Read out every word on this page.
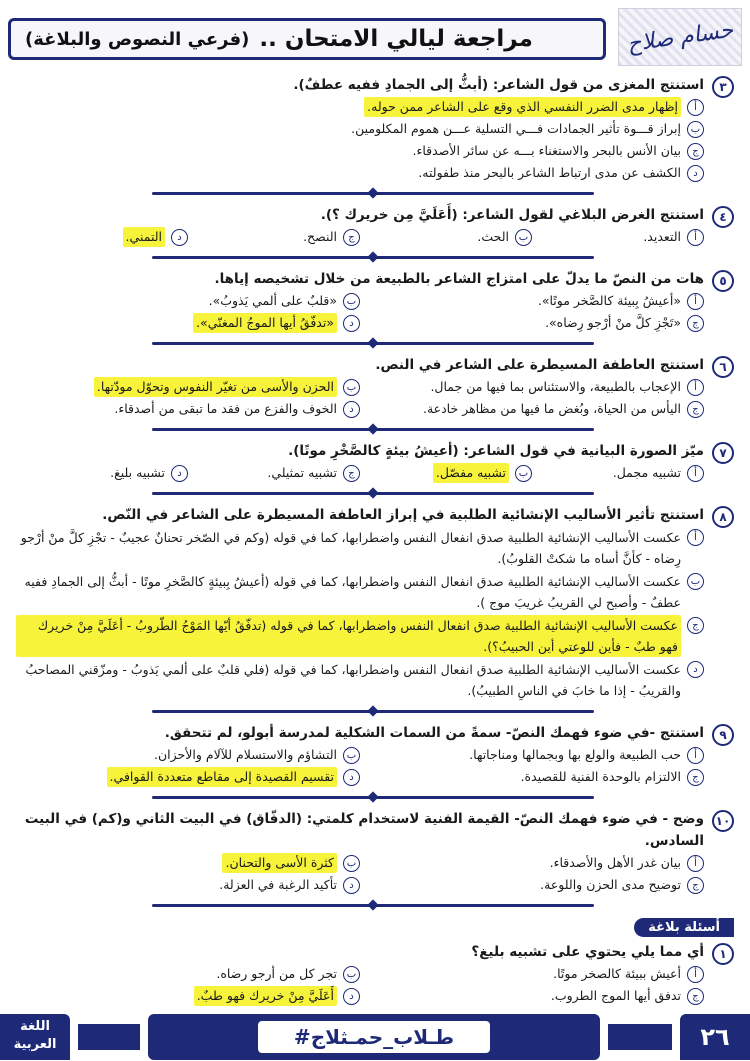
مراجعة ليالي الامتحان ..
(فرعي النصوص والبلاغة)	حسام صلاح
٣
استنتج المغزى من قول الشاعر: (أبثُّ إلى الجمادِ ففيه عطفٌ).
أ
إظهار مدى الضرر النفسي الذي وقع على الشاعر ممن حوله.
ب
إبراز قـــوة تأثير الجمادات فـــي التسلية عـــن هموم المكلومين.
ج
بيان الأنس بالبحر والاستغناء بـــه عن سائر الأصدقاء.
د
الكشف عن مدى ارتباط الشاعر بالبحر منذ طفولته.
٤
استنتج الغرض البلاغي لقول الشاعر: (أَعَلَيَّ مِن خريرك ؟).
أ
التعديد.
ب
الحث.
ج
النصح.
د
التمني.
٥
هات من النصّ ما يدلّ على امتزاج الشاعر بالطبيعة من خلال تشخيصه إياها.
أ
«أعيشُ بِبيئة كالصَّخر موتًا».
ب
«قلبٌ على ألمي يَذوبُ».
ج
«تَجْزِ كلَّ منْ أرْجو رِضاه».
د
«تدفّقُ أيها الموجُ المغنّي».
٦
استنتج العاطفة المسيطرة على الشاعر في النص.
أ
الإعجاب بالطبيعة، والاستئناس بما فيها من جمال.
ب
الحزن والأسى من تغيّر النفوس وتحوّل مودّتها.
ج
اليأس من الحياة، وبُغض ما فيها من مظاهر خادعة.
د
الخوف والفزع من فقد ما تبقى من أصدقاء.
٧
ميّز الصورة البيانية في قول الشاعر: (أعيشُ بيئةٍ كالصَّخْرِ موتًا).
أ
تشبيه مجمل.
ب
تشبيه مفصّل.
ج
تشبيه تمثيلي.
د
تشبيه بليغ.
٨
استنتج تأثير الأساليب الإنشائية الطلبية في إبراز العاطفة المسيطرة على الشاعر في النّص.
أ
عكست الأساليب الإنشائية الطلبية صدق انفعال النفس واضطرابها، كما في قوله (وكم في الصّخر تحنانٌ عجيبٌ - تجْزِ كلَّ منْ أرْجو رِضاه - كأنَّ أساه ما شكتْ القلوبُ).
ب
عكست الأساليب الإنشائية الطلبية صدق انفعال النفس واضطرابها، كما في قوله (أعيشُ بِبيئةٍ كالصَّخرِ موتًا - أبثُّ إلى الجمادِ ففيه عطفٌ - وأصبح لي القريبُ غريبَ موج ).
ج
عكست الأساليب الإنشائية الطلبية صدق انفعال النفس واضطرابها، كما في قوله (تدفّقُ أيّها المَوْجُ الطّروبُ - أعَلَيَّ مِنْ خريرك فهو طبٌ - فأين للوعتي أين الحبيبُ؟).
د
عكست الأساليب الإنشائية الطلبية صدق انفعال النفس واضطرابها، كما في قوله (فلي قلبٌ على ألمي يَذوبُ - ومزّقني المصاحبُ والقريبُ - إذا ما خابَ في الناسِ الطبيبُ).
٩
استنتج -في ضوء فهمك النصّ- سمةً من السمات الشكلية لمدرسة أبولو، لم تتحقق.
أ
حب الطبيعة والولع بها وبجمالها ومناجاتها.
ب
التشاؤم والاستسلام للآلام والأحزان.
ج
الالتزام بالوحدة الفنية للقصيدة.
د
تقسيم القصيدة إلى مقاطع متعددة القوافي.
١٠
وضح - في ضوء فهمك النصّ- القيمة الفنية لاستخدام كلمتي: (الدفّاق) في البيت الثاني و(كم) في البيت السادس.
أ
بيان غدر الأهل والأصدقاء.
ب
كثرة الأسى والتحنان.
ج
توضيح مدى الحزن واللوعة.
د
تأكيد الرغبة في العزلة.
أسئلة بلاغة
١
أي مما يلي يحتوي على تشبيه بليغ؟
أ
أعيش ببيئة كالصخر موتًا.
ب
تجر كل من أرجو رضاه.
ج
تدفق أيها الموج الطروب.
د
أَعَلَيَّ مِنْ خريرك فهو طبٌ.
اللغة
العربية	#طـلاب_حمـثلاج	٢٦
